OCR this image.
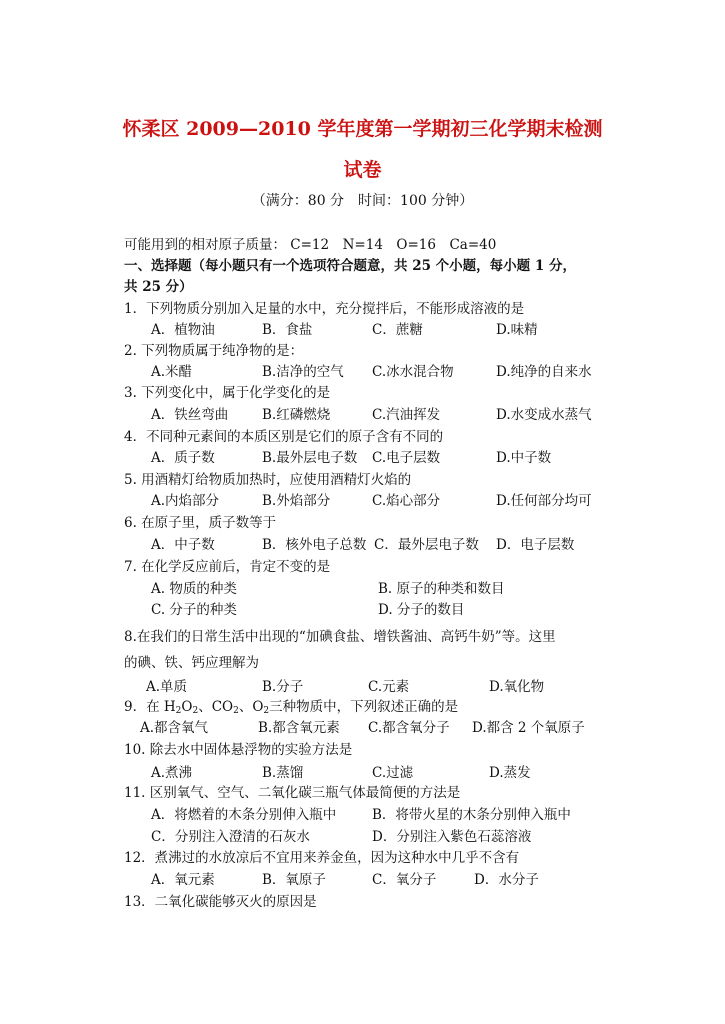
怀柔区 2009—2010 学年度第一学期初三化学期末检测
试卷
（满分：80 分　时间：100 分钟）
可能用到的相对原子质量： C=12　N=14　O=16　Ca=40
一、选择题（每小题只有一个选项符合题意，共 25 个小题，每小题 1 分，
共 25 分）
1．下列物质分别加入足量的水中，充分搅拌后，不能形成溶液的是
A．植物油	B．食盐	C．蔗糖	D.味精
2. 下列物质属于纯净物的是：
A.米醋	B.洁净的空气 C.冰水混合物	D.纯净的自来水
3. 下列变化中，属于化学变化的是
A．铁丝弯曲	B.红磷燃烧	C.汽油挥发	D.水变成水蒸气
4．不同种元素间的本质区别是它们的原子含有不同的
A．质子数	B.最外层电子数 C.电子层数	D.中子数
5. 用酒精灯给物质加热时，应使用酒精灯火焰的
A.内焰部分	B.外焰部分	C.焰心部分	D.任何部分均可
6. 在原子里，质子数等于
A．中子数	B．核外电子总数 C．最外层电子数 D．电子层数
7. 在化学反应前后，肯定不变的是
A. 物质的种类	B. 原子的种类和数目
C. 分子的种类	D. 分子的数目
8.在我们的日常生活中出现的“加碘食盐、增铁酱油、高钙牛奶”等。这里
的碘、铁、钙应理解为
A.单质	B.分子	C.元素	D.氧化物
9．在 $H_2O_2$、$CO_2$、$O_2$三种物质中，下列叙述正确的是
A.都含氧气	B.都含氧元素 C.都含氧分子 D.都含 2 个氧原子
10. 除去水中固体悬浮物的实验方法是
A.煮沸	B.蒸馏	C.过滤	D.蒸发
11. 区别氧气、空气、二氧化碳三瓶气体最简便的方法是
A．将燃着的木条分别伸入瓶中	B．将带火星的木条分别伸入瓶中
C．分别注入澄清的石灰水	D．分别注入紫色石蕊溶液
12．煮沸过的水放凉后不宜用来养金鱼，因为这种水中几乎不含有
A．氧元素	B．氧原子	C．氧分子	D．水分子
13．二氧化碳能够灭火的原因是
